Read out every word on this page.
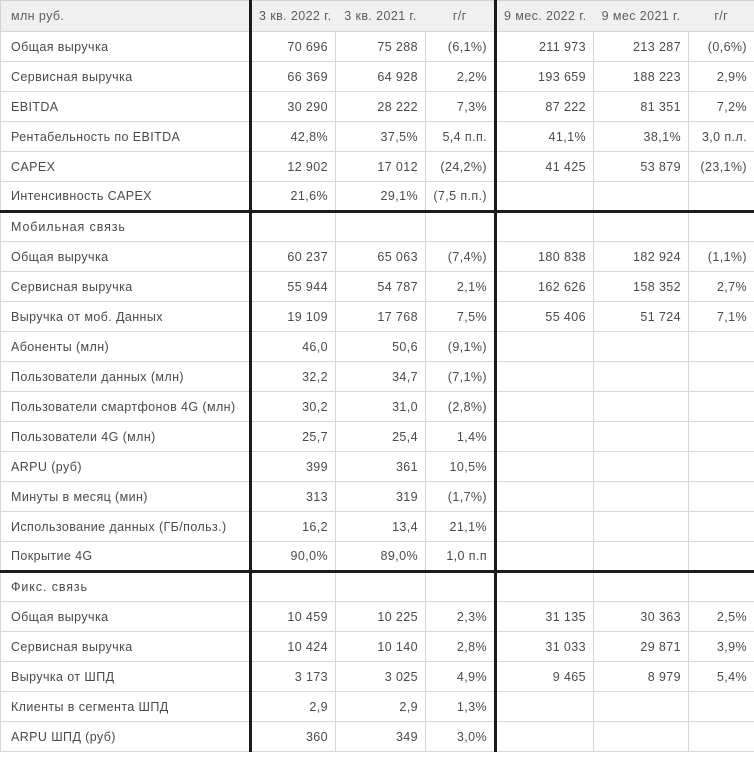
млн руб.	3 кв. 2022 г.	3 кв. 2021 г.	г/г	9 мес. 2022 г.	9 мес 2021 г.	г/г
Общая выручка	70 696	75 288	(6,1%)	211 973	213 287	(0,6%)
Сервисная выручка	66 369	64 928	2,2%	193 659	188 223	2,9%
EBITDA	30 290	28 222	7,3%	87 222	81 351	7,2%
Рентабельность по EBITDA	42,8%	37,5%	5,4 п.п.	41,1%	38,1%	3,0 п.л.
CAPEX	12 902	17 012	(24,2%)	41 425	53 879	(23,1%)
Интенсивность CAPEX	21,6%	29,1%	(7,5 п.п.)			
Мобильная связь						
Общая выручка	60 237	65 063	(7,4%)	180 838	182 924	(1,1%)
Сервисная выручка	55 944	54 787	2,1%	162 626	158 352	2,7%
Выручка от моб. Данных	19 109	17 768	7,5%	55 406	51 724	7,1%
Абоненты (млн)	46,0	50,6	(9,1%)			
Пользователи данных (млн)	32,2	34,7	(7,1%)			
Пользователи смартфонов 4G (млн)	30,2	31,0	(2,8%)			
Пользователи 4G (млн)	25,7	25,4	1,4%			
ARPU (руб)	399	361	10,5%			
Минуты в месяц (мин)	313	319	(1,7%)			
Использование данных (ГБ/польз.)	16,2	13,4	21,1%			
Покрытие 4G	90,0%	89,0%	1,0 п.п			
Фикс. связь						
Общая выручка	10 459	10 225	2,3%	31 135	30 363	2,5%
Сервисная выручка	10 424	10 140	2,8%	31 033	29 871	3,9%
Выручка от ШПД	3 173	3 025	4,9%	9 465	8 979	5,4%
Клиенты в сегмента ШПД	2,9	2,9	1,3%			
ARPU ШПД (руб)	360	349	3,0%			
